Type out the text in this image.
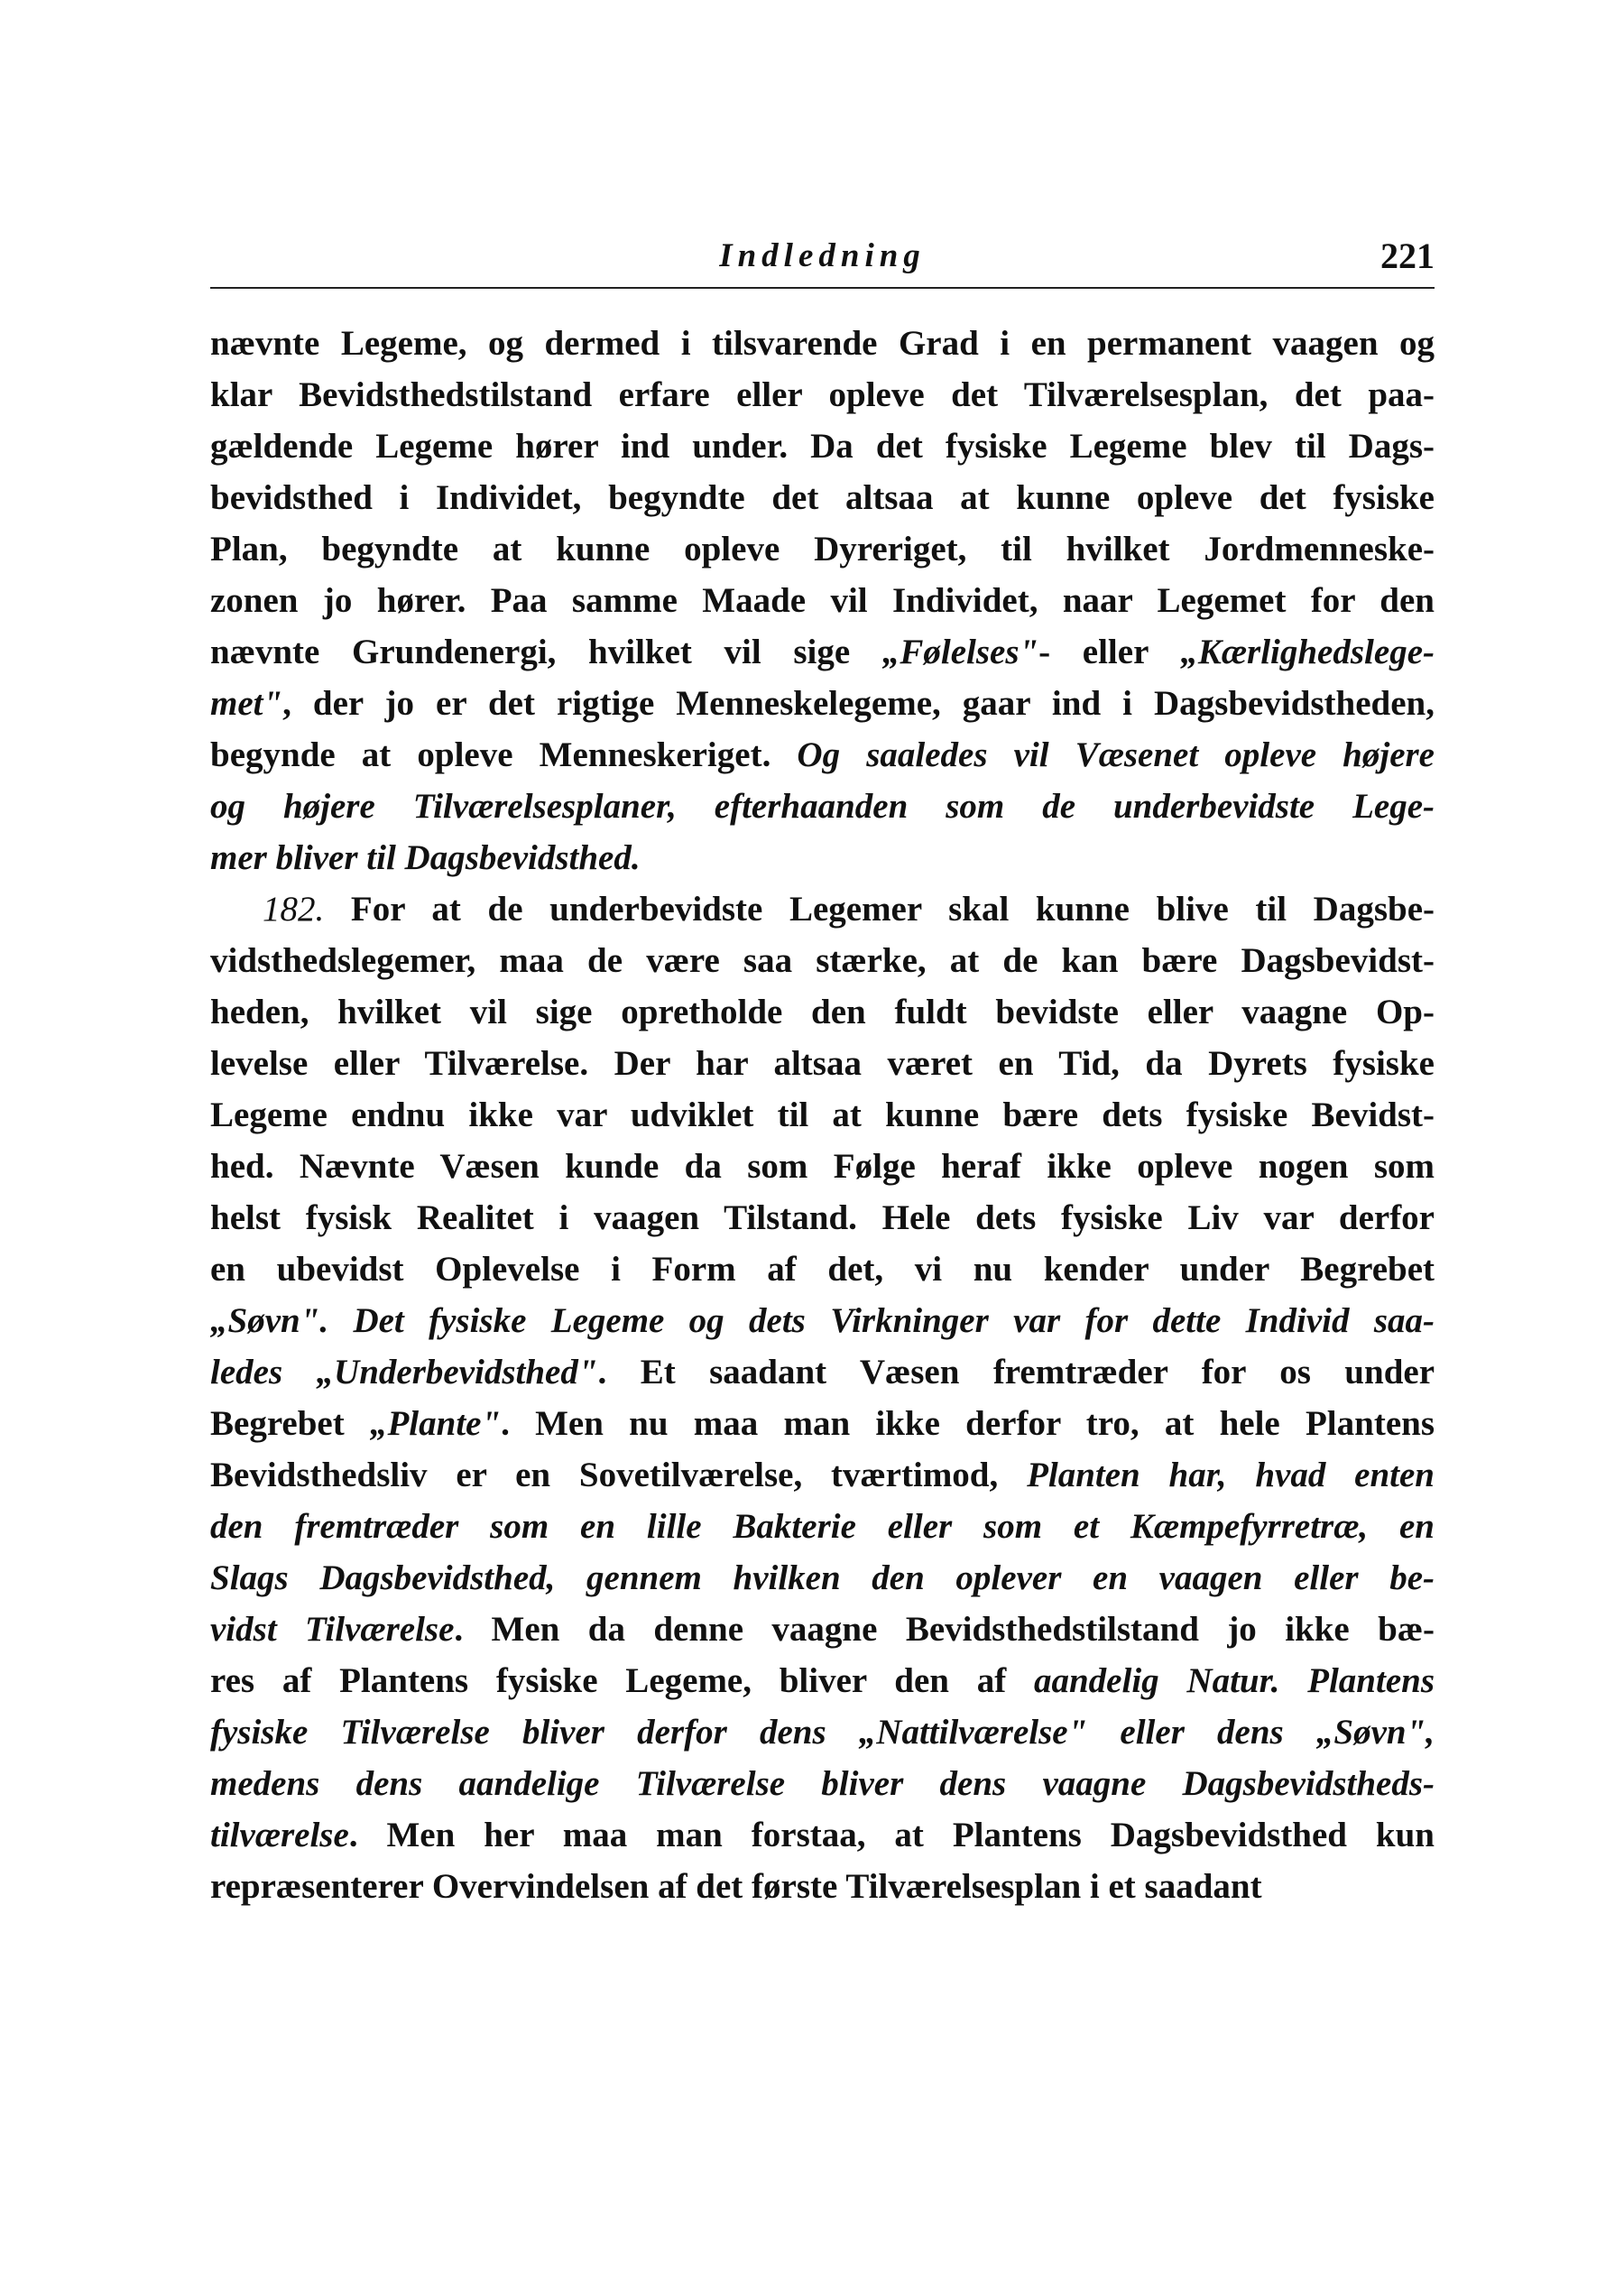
Indledning	221
nævnte Legeme, og dermed i tilsvarende Grad i en permanent vaagen og
klar Bevidsthedstilstand erfare eller opleve det Tilværelsesplan, det paa-
gældende Legeme hører ind under. Da det fysiske Legeme blev til Dags-
bevidsthed i Individet, begyndte det altsaa at kunne opleve det fysiske
Plan, begyndte at kunne opleve Dyreriget, til hvilket Jordmenneske-
zonen jo hører. Paa samme Maade vil Individet, naar Legemet for den
nævnte Grundenergi, hvilket vil sige „Følelses"- eller „Kærlighedslege-
met", der jo er det rigtige Menneskelegeme, gaar ind i Dagsbevidstheden,
begynde at opleve Menneskeriget. Og saaledes vil Væsenet opleve højere
og højere Tilværelsesplaner, efterhaanden som de underbevidste Lege-
mer bliver til Dagsbevidsthed.
182. For at de underbevidste Legemer skal kunne blive til Dagsbe-
vidsthedslegemer, maa de være saa stærke, at de kan bære Dagsbevidst-
heden, hvilket vil sige opretholde den fuldt bevidste eller vaagne Op-
levelse eller Tilværelse. Der har altsaa været en Tid, da Dyrets fysiske
Legeme endnu ikke var udviklet til at kunne bære dets fysiske Bevidst-
hed. Nævnte Væsen kunde da som Følge heraf ikke opleve nogen som
helst fysisk Realitet i vaagen Tilstand. Hele dets fysiske Liv var derfor
en ubevidst Oplevelse i Form af det, vi nu kender under Begrebet
„Søvn". Det fysiske Legeme og dets Virkninger var for dette Individ saa-
ledes „Underbevidsthed". Et saadant Væsen fremtræder for os under
Begrebet „Plante". Men nu maa man ikke derfor tro, at hele Plantens
Bevidsthedsliv er en Sovetilværelse, tværtimod, Planten har, hvad enten
den fremtræder som en lille Bakterie eller som et Kæmpefyrretræ, en
Slags Dagsbevidsthed, gennem hvilken den oplever en vaagen eller be-
vidst Tilværelse. Men da denne vaagne Bevidsthedstilstand jo ikke bæ-
res af Plantens fysiske Legeme, bliver den af aandelig Natur. Plantens
fysiske Tilværelse bliver derfor dens „Nattilværelse" eller dens „Søvn",
medens dens aandelige Tilværelse bliver dens vaagne Dagsbevidstheds-
tilværelse. Men her maa man forstaa, at Plantens Dagsbevidsthed kun
repræsenterer Overvindelsen af det første Tilværelsesplan i et saadant
